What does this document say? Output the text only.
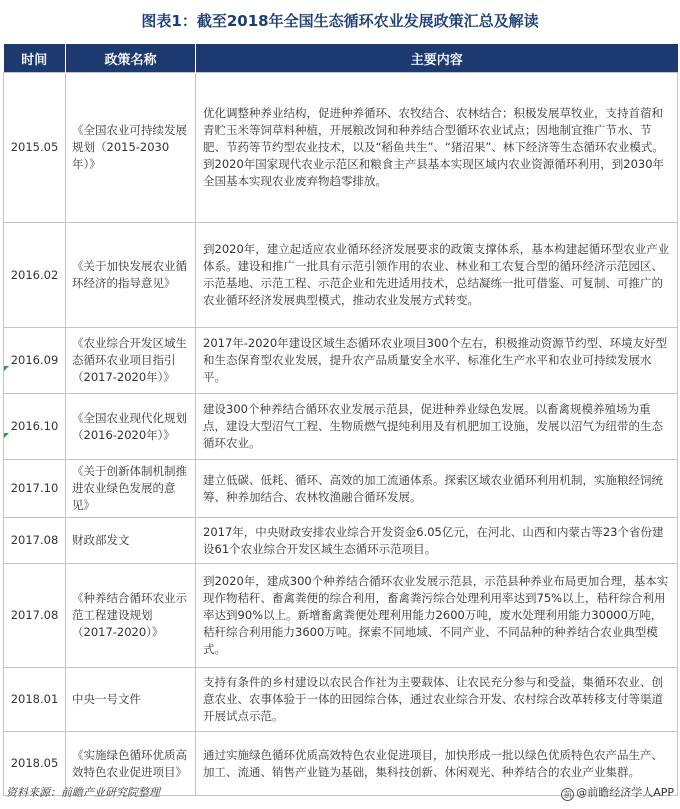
图表1：截至2018年全国生态循环农业发展政策汇总及解读
时间	政策名称	主要内容
2015.05	《全国农业可持续发展规划（2015-2030年）》	优化调整种养业结构，促进种养循环、农牧结合、农林结合；积极发展草牧业，支持首蓿和青贮玉米等饲草料种植，开展粮改饲和种养结合型循环农业试点；因地制宜推广节水、节肥、节药等节约型农业技术，以及“稻鱼共生”、“猪沼果”、林下经济等生态循环农业模式。到2020年国家现代农业示范区和粮食主产县基本实现区域内农业资源循环利用，到2030年全国基本实现农业废弃物趋零排放。
2016.02	《关于加快发展农业循环经济的指导意见》	到2020年，建立起适应农业循环经济发展要求的政策支撑体系，基本构建起循环型农业产业体系。建设和推广一批具有示范引领作用的农业、林业和工农复合型的循环经济示范园区、示范基地、示范工程、示范企业和先进适用技术，总结凝练一批可借鉴、可复制、可推广的农业循环经济发展典型模式，推动农业发展方式转变。
2016.09	《农业综合开发区域生态循环农业项目指引（2017-2020年）》	2017年-2020年建设区域生态循环农业项目300个左右，积极推动资源节约型、环境友好型和生态保育型农业发展，提升农产品质量安全水平、标准化生产水平和农业可持续发展水平。
2016.10	《全国农业现代化规划（2016-2020年）》	建设300个种养结合循环农业发展示范县，促进种养业绿色发展。以畜禽规模养殖场为重点，建设大型沼气工程、生物质燃气提纯利用及有机肥加工设施，发展以沼气为纽带的生态循环农业。
2017.10	《关于创新体制机制推进农业绿色发展的意见》	建立低碳、低耗、循环、高效的加工流通体系。探索区域农业循环利用机制，实施粮经饲统筹、种养加结合、农林牧渔融合循环发展。
2017.08	财政部发文	2017年，中央财政安排农业综合开发资金6.05亿元，在河北、山西和内蒙古等23个省份建设61个农业综合开发区域生态循环示范项目。
2017.08	《种养结合循环农业示范工程建设规划（2017-2020）》	到2020年，建成300个种养结合循环农业发展示范县，示范县种养业布局更加合理，基本实现作物秸秆、畜禽粪便的综合利用，畜禽粪污综合处理利用率达到75%以上，秸秆综合利用率达到90%以上。新增畜禽粪便处理利用能力2600万吨，废水处理利用能力30000万吨，秸秆综合利用能力3600万吨。探索不同地域、不同产业、不同品种的种养结合农业典型模式。
2018.01	中央一号文件	支持有条件的乡村建设以农民合作社为主要载体、让农民充分参与和受益，集循环农业、创意农业、农事体验于一体的田园综合体，通过农业综合开发、农村综合改革转移支付等渠道开展试点示范。
2018.05	《实施绿色循环优质高效特色农业促进项目》	通过实施绿色循环优质高效特色农业促进项目，加快形成一批以绿色优质特色农产品生产、加工、流通、销售产业链为基础，集科技创新、休闲观光、种养结合的农业产业集群。
资料来源：前瞻产业研究院整理	前 @前瞻经济学人APP
